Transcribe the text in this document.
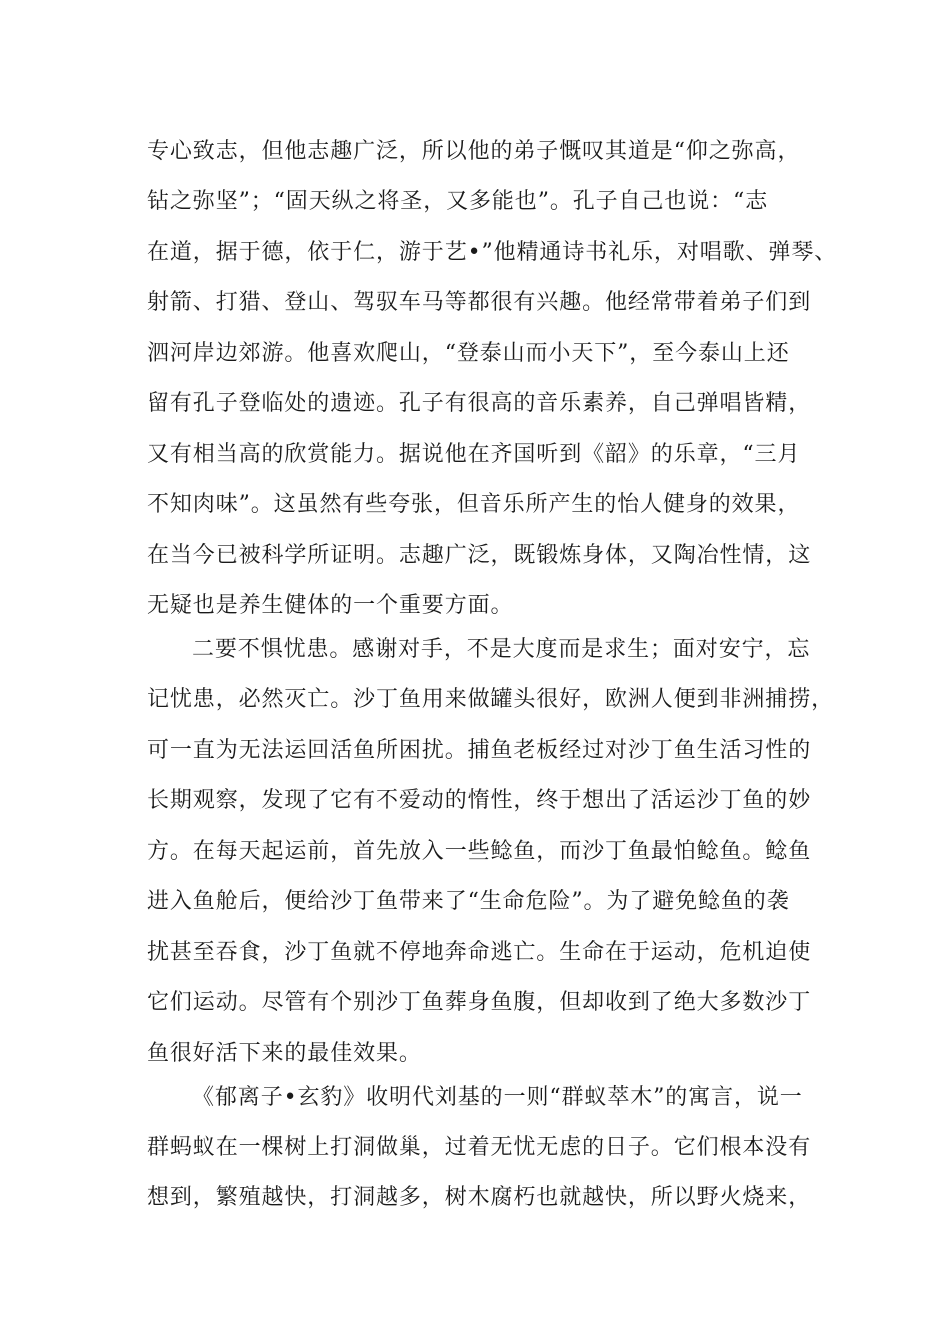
专心致志，但他志趣广泛，所以他的弟子慨叹其道是“仰之弥高，

钻之弥坚”；“固天纵之将圣，又多能也”。孔子自己也说：“志

在道，据于德，依于仁，游于艺•”他精通诗书礼乐，对唱歌、弹琴、

射箭、打猎、登山、驾驭车马等都很有兴趣。他经常带着弟子们到

泗河岸边郊游。他喜欢爬山，“登泰山而小天下”，至今泰山上还

留有孔子登临处的遗迹。孔子有很高的音乐素养，自己弹唱皆精，

又有相当高的欣赏能力。据说他在齐国听到《韶》的乐章，“三月

不知肉味”。这虽然有些夸张，但音乐所产生的怡人健身的效果，

在当今已被科学所证明。志趣广泛，既锻炼身体，又陶冶性情，这

无疑也是养生健体的一个重要方面。

二要不惧忧患。感谢对手，不是大度而是求生；面对安宁，忘

记忧患，必然灭亡。沙丁鱼用来做罐头很好，欧洲人便到非洲捕捞，

可一直为无法运回活鱼所困扰。捕鱼老板经过对沙丁鱼生活习性的

长期观察，发现了它有不爱动的惰性，终于想出了活运沙丁鱼的妙

方。在每天起运前，首先放入一些鲶鱼，而沙丁鱼最怕鲶鱼。鲶鱼

进入鱼舱后，便给沙丁鱼带来了“生命危险”。为了避免鲶鱼的袭

扰甚至吞食，沙丁鱼就不停地奔命逃亡。生命在于运动，危机迫使

它们运动。尽管有个别沙丁鱼葬身鱼腹，但却收到了绝大多数沙丁

鱼很好活下来的最佳效果。

《郁离子•玄豹》收明代刘基的一则“群蚁萃木”的寓言，说一

群蚂蚁在一棵树上打洞做巢，过着无忧无虑的日子。它们根本没有

想到，繁殖越快，打洞越多，树木腐朽也就越快，所以野火烧来，
